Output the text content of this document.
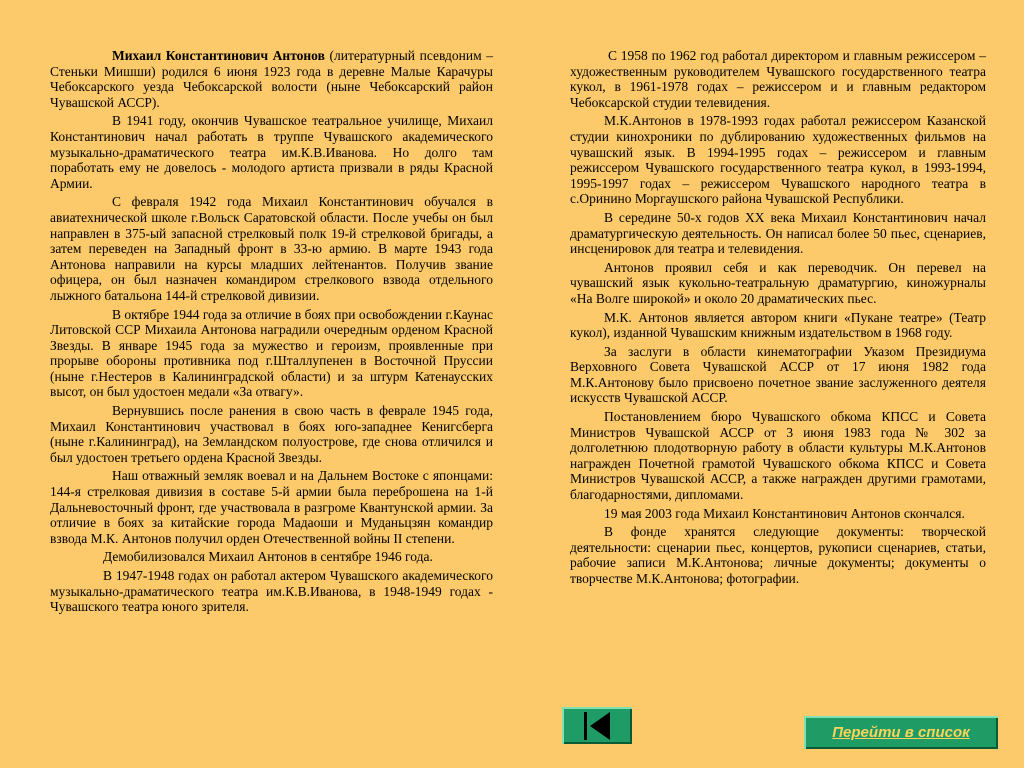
Михаил Константинович Антонов (литературный псевдоним – Стеньки Мишши) родился 6 июня 1923 года в деревне Малые Карачуры Чебоксарского уезда Чебоксарской волости (ныне Чебоксарский район Чувашской АССР).

В 1941 году, окончив Чувашское театральное училище, Михаил Константинович начал работать в труппе Чувашского академического музыкально-драматического театра им.К.В.Иванова. Но долго там поработать ему не довелось - молодого артиста призвали в ряды Красной Армии.

С февраля 1942 года Михаил Константинович обучался в авиатехнической школе г.Вольск Саратовской области. После учебы он был направлен в 375-ый запасной стрелковый полк 19-й стрелковой бригады, а затем переведен на Западный фронт в 33-ю армию. В марте 1943 года Антонова направили на курсы младших лейтенантов. Получив звание офицера, он был назначен командиром стрелкового взвода отдельного лыжного батальона 144-й стрелковой дивизии.

В октябре 1944 года за отличие в боях при освобождении г.Каунас Литовской ССР Михаила Антонова наградили очередным орденом Красной Звезды. В январе 1945 года за мужество и героизм, проявленные при прорыве обороны противника под г.Шталлупенен в Восточной Пруссии (ныне г.Нестеров в Калининградской области) и за штурм Катенаусских высот, он был удостоен медали «За отвагу».

Вернувшись после ранения в свою часть в феврале 1945 года, Михаил Константинович участвовал в боях юго-западнее Кенигсберга (ныне г.Калининград), на Земландском полуострове, где снова отличился и был удостоен третьего ордена Красной Звезды.

Наш отважный земляк воевал и на Дальнем Востоке с японцами: 144-я стрелковая дивизия в составе 5-й армии была переброшена на 1-й Дальневосточный фронт, где участвовала в разгроме Квантунской армии. За отличие в боях за китайские города Мадаоши и Муданьцзян командир взвода М.К. Антонов получил орден Отечественной войны II степени.

Демобилизовался Михаил Антонов в сентябре 1946 года.

В 1947-1948 годах он работал актером Чувашского академического музыкально-драматического театра им.К.В.Иванова, в 1948-1949 годах - Чувашского театра юного зрителя.

С 1958 по 1962 год работал директором и главным режиссером – художественным руководителем Чувашского государственного театра кукол, в 1961-1978 годах – режиссером и и главным редактором Чебоксарской студии телевидения.

М.К.Антонов в 1978-1993 годах работал режиссером Казанской студии кинохроники по дублированию художественных фильмов на чувашский язык. В 1994-1995 годах – режиссером и главным режиссером Чувашского государственного театра кукол, в 1993-1994, 1995-1997 годах – режиссером Чувашского народного театра в с.Оринино Моргаушского района Чувашской Республики.

В середине 50-х годов XX века Михаил Константинович начал драматургическую деятельность. Он написал более 50 пьес, сценариев, инсценировок для театра и телевидения.

Антонов проявил себя и как переводчик. Он перевел на чувашский язык кукольно-театральную драматургию, киножурналы «На Волге широкой» и около 20 драматических пьес.

М.К. Антонов является автором книги «Пукане театре» (Театр кукол), изданной Чувашским книжным издательством в 1968 году.

За заслуги в области кинематографии Указом Президиума Верховного Совета Чувашской АССР от 17 июня 1982 года М.К.Антонову было присвоено почетное звание заслуженного деятеля искусств Чувашской АССР.

Постановлением бюро Чувашского обкома КПСС и Совета Министров Чувашской АССР от 3 июня 1983 года № 302 за долголетнюю плодотворную работу в области культуры М.К.Антонов награжден Почетной грамотой Чувашского обкома КПСС и Совета Министров Чувашской АССР, а также награжден другими грамотами, благодарностями, дипломами.

19 мая 2003 года Михаил Константинович Антонов скончался.

В фонде хранятся следующие документы: творческой деятельности: сценарии пьес, концертов, рукописи сценариев, статьи, рабочие записи М.К.Антонова; личные документы; документы о творчестве М.К.Антонова; фотографии.

Перейти в список
